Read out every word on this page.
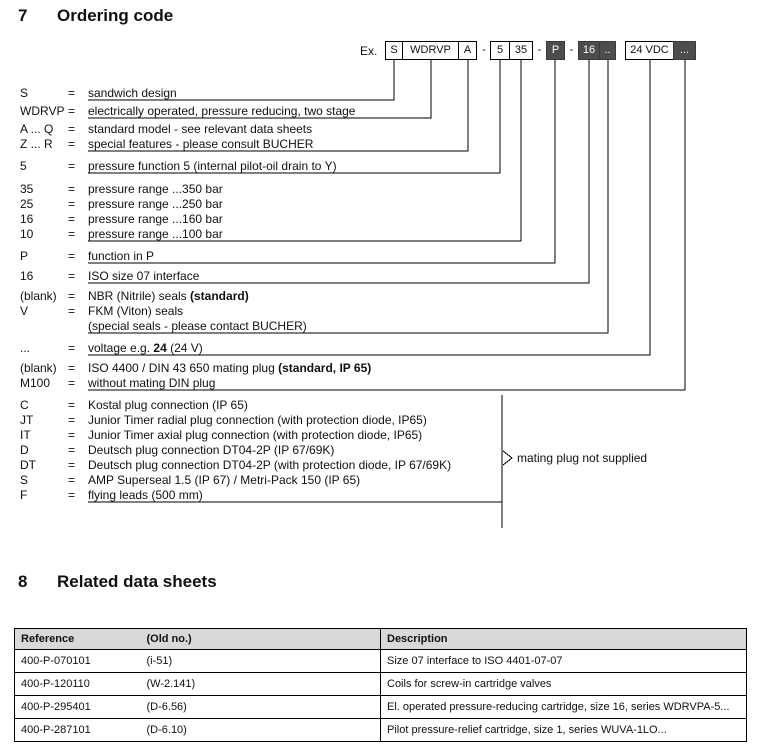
7 Ordering code
Ex.	S	WDRVP	A -	5	35 - P - 16 ..	24 VDC	...
S	= sandwich design
WDRVP = electrically operated, pressure reducing, two stage
A ... Q = standard model - see relevant data sheets
Z ... R = special features - please consult BUCHER
5	= pressure function 5 (internal pilot-oil drain to Y)
35	= pressure range ...350 bar
25	= pressure range ...250 bar
16	= pressure range ...160 bar
10	= pressure range ...100 bar
P	= function in P
16	= ISO size 07 interface
(blank) = NBR (Nitrile) seals (standard)
V	= FKM (Viton) seals
(special seals - please contact BUCHER)
...	= voltage e.g. 24 (24 V)
(blank) = ISO 4400 / DIN 43 650 mating plug (standard, IP 65)
M100 = without mating DIN plug
C	= Kostal plug connection (IP 65)
JT	= Junior Timer radial plug connection (with protection diode, IP65)
IT	= Junior Timer axial plug connection (with protection diode, IP65)
D	= Deutsch plug connection DT04-2P (IP 67/69K)
DT	= Deutsch plug connection DT04-2P (with protection diode, IP 67/69K)
S	= AMP Superseal 1.5 (IP 67) / Metri-Pack 150 (IP 65)
F	= flying leads (500 mm)
mating plug not supplied
8 Related data sheets
Reference	(Old no.)	Description
400-P-070101	(i-51)	Size 07 interface to ISO 4401-07-07
400-P-120110	(W-2.141)	Coils for screw-in cartridge valves
400-P-295401	(D-6.56)	El. operated pressure-reducing cartridge, size 16, series WDRVPA-5...
400-P-287101	(D-6.10)	Pilot pressure-relief cartridge, size 1, series WUVA-1LO...
